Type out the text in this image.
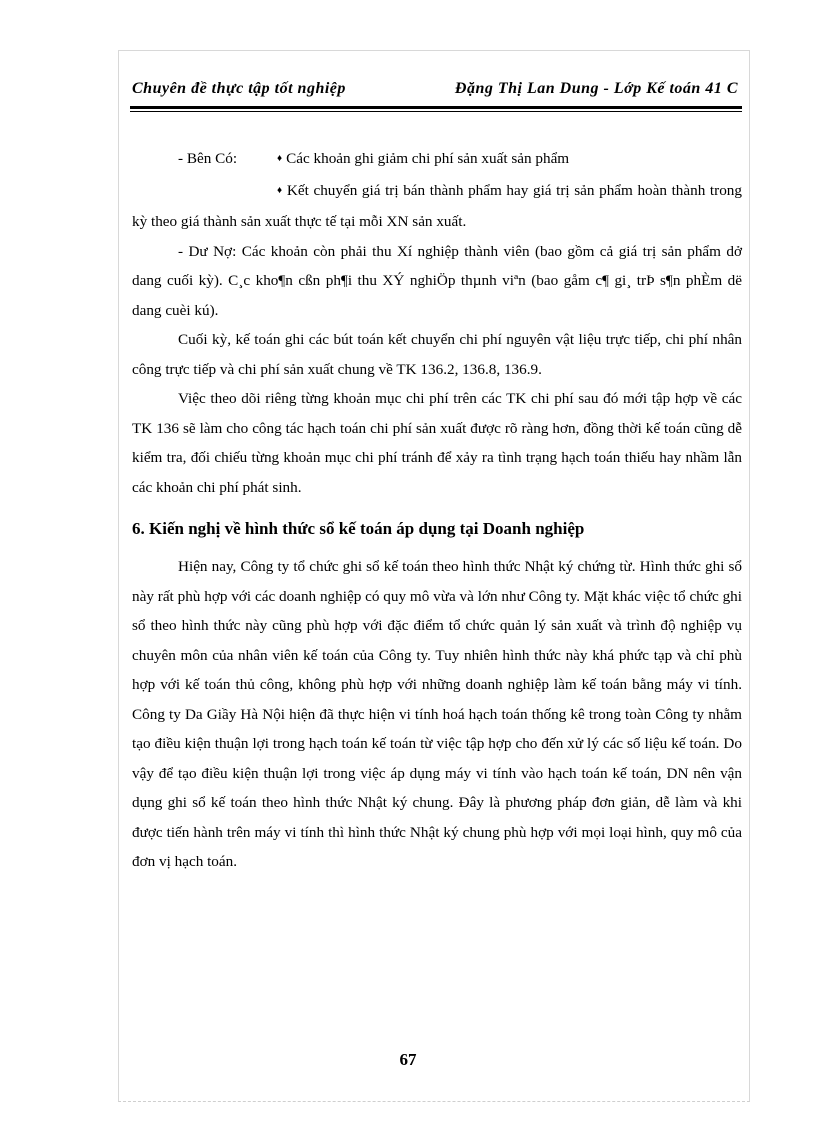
Chuyên đề thực tập tốt nghiệp	Đặng Thị Lan Dung - Lớp Kế toán 41 C
- Bên Có:	♦ Các khoản ghi giảm chi phí sản xuất sản phẩm

♦ Kết chuyển giá trị bán thành phẩm hay giá trị sản phẩm hoàn thành trong kỳ theo giá thành sản xuất thực tế tại mỗi XN sản xuất.

- Dư Nợ: Các khoản còn phải thu Xí nghiệp thành viên (bao gồm cả giá trị sản phẩm dở dang cuối kỳ). C¸c kho¶n cßn ph¶i thu XÝ nghiÖp thµnh viªn (bao gåm c¶ gi¸ trÞ s¶n phÈm dë dang cuèi kú).

Cuối kỳ, kế toán ghi các bút toán kết chuyển chi phí nguyên vật liệu trực tiếp, chi phí nhân công trực tiếp và chi phí sản xuất chung về TK 136.2, 136.8, 136.9.

Việc theo dõi riêng từng khoản mục chi phí trên các TK chi phí sau đó mới tập hợp về các TK 136 sẽ làm cho công tác hạch toán chi phí sản xuất được rõ ràng hơn, đồng thời kế toán cũng dễ kiểm tra, đối chiếu từng khoản mục chi phí tránh để xảy ra tình trạng hạch toán thiếu hay nhầm lẫn các khoản chi phí phát sinh.

6. Kiến nghị về hình thức sổ kế toán áp dụng tại Doanh nghiệp

Hiện nay, Công ty tổ chức ghi sổ kế toán theo hình thức Nhật ký chứng từ. Hình thức ghi sổ này rất phù hợp với các doanh nghiệp có quy mô vừa và lớn như Công ty. Mặt khác việc tổ chức ghi sổ theo hình thức này cũng phù hợp với đặc điểm tổ chức quản lý sản xuất và trình độ nghiệp vụ chuyên môn của nhân viên kế toán của Công ty. Tuy nhiên hình thức này khá phức tạp và chỉ phù hợp với kế toán thủ công, không phù hợp với những doanh nghiệp làm kế toán bằng máy vi tính. Công ty Da Giầy Hà Nội hiện đã thực hiện vi tính hoá hạch toán thống kê trong toàn Công ty nhằm tạo điều kiện thuận lợi trong hạch toán kế toán từ việc tập hợp cho đến xử lý các số liệu kế toán. Do vậy để tạo điều kiện thuận lợi trong việc áp dụng máy vi tính vào hạch toán kế toán, DN nên vận dụng ghi sổ kế toán theo hình thức Nhật ký chung. Đây là phương pháp đơn giản, dễ làm và khi được tiến hành trên máy vi tính thì hình thức Nhật ký chung phù hợp với mọi loại hình, quy mô của đơn vị hạch toán.

67
